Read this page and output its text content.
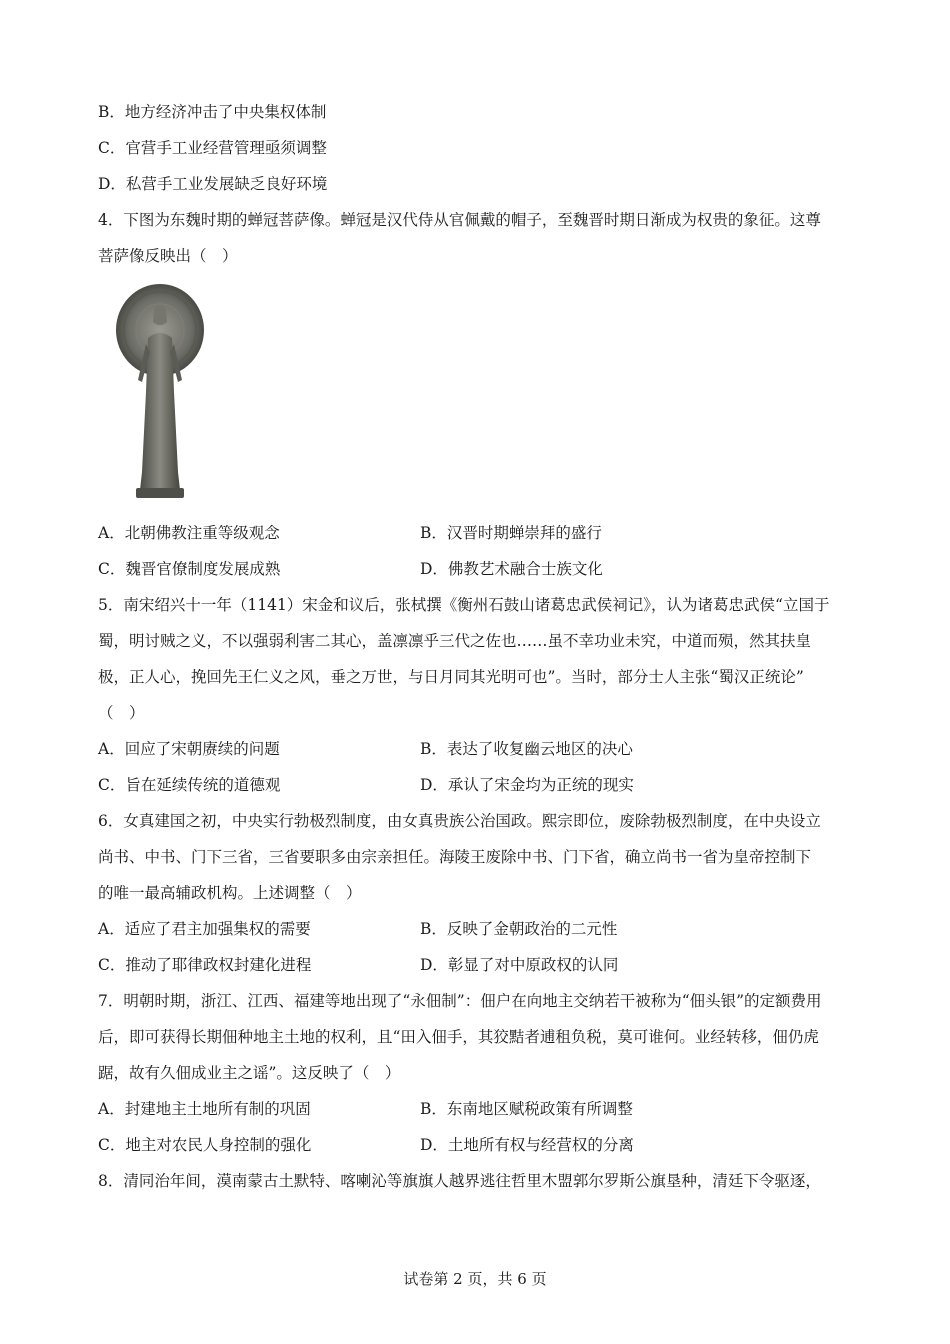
B．地方经济冲击了中央集权体制
C．官营手工业经营管理亟须调整
D．私营手工业发展缺乏良好环境
4．下图为东魏时期的蝉冠菩萨像。蝉冠是汉代侍从官佩戴的帽子，至魏晋时期日渐成为权贵的象征。这尊
菩萨像反映出（　）
A．北朝佛教注重等级观念	B．汉晋时期蝉崇拜的盛行
C．魏晋官僚制度发展成熟	D．佛教艺术融合士族文化
5．南宋绍兴十一年（1141）宋金和议后，张栻撰《衡州石鼓山诸葛忠武侯祠记》，认为诸葛忠武侯“立国于
蜀，明讨贼之义，不以强弱利害二其心，盖凛凛乎三代之佐也……虽不幸功业未究，中道而殒，然其扶皇
极，正人心，挽回先王仁义之风，垂之万世，与日月同其光明可也”。当时，部分士人主张“蜀汉正统论”
（　）
A．回应了宋朝赓续的问题	B．表达了收复幽云地区的决心
C．旨在延续传统的道德观	D．承认了宋金均为正统的现实
6．女真建国之初，中央实行勃极烈制度，由女真贵族公治国政。熙宗即位，废除勃极烈制度，在中央设立
尚书、中书、门下三省，三省要职多由宗亲担任。海陵王废除中书、门下省，确立尚书一省为皇帝控制下
的唯一最高辅政机构。上述调整（　）
A．适应了君主加强集权的需要	B．反映了金朝政治的二元性
C．推动了耶律政权封建化进程	D．彰显了对中原政权的认同
7．明朝时期，浙江、江西、福建等地出现了“永佃制”：佃户在向地主交纳若干被称为“佃头银”的定额费用
后，即可获得长期佃种地主土地的权利，且“田入佃手，其狡黠者逋租负税，莫可谁何。业经转移，佃仍虎
踞，故有久佃成业主之谣”。这反映了（　）
A．封建地主土地所有制的巩固	B．东南地区赋税政策有所调整
C．地主对农民人身控制的强化	D．土地所有权与经营权的分离
8．清同治年间，漠南蒙古土默特、喀喇沁等旗旗人越界逃往哲里木盟郭尔罗斯公旗垦种，清廷下令驱逐，
试卷第 2 页，共 6 页
